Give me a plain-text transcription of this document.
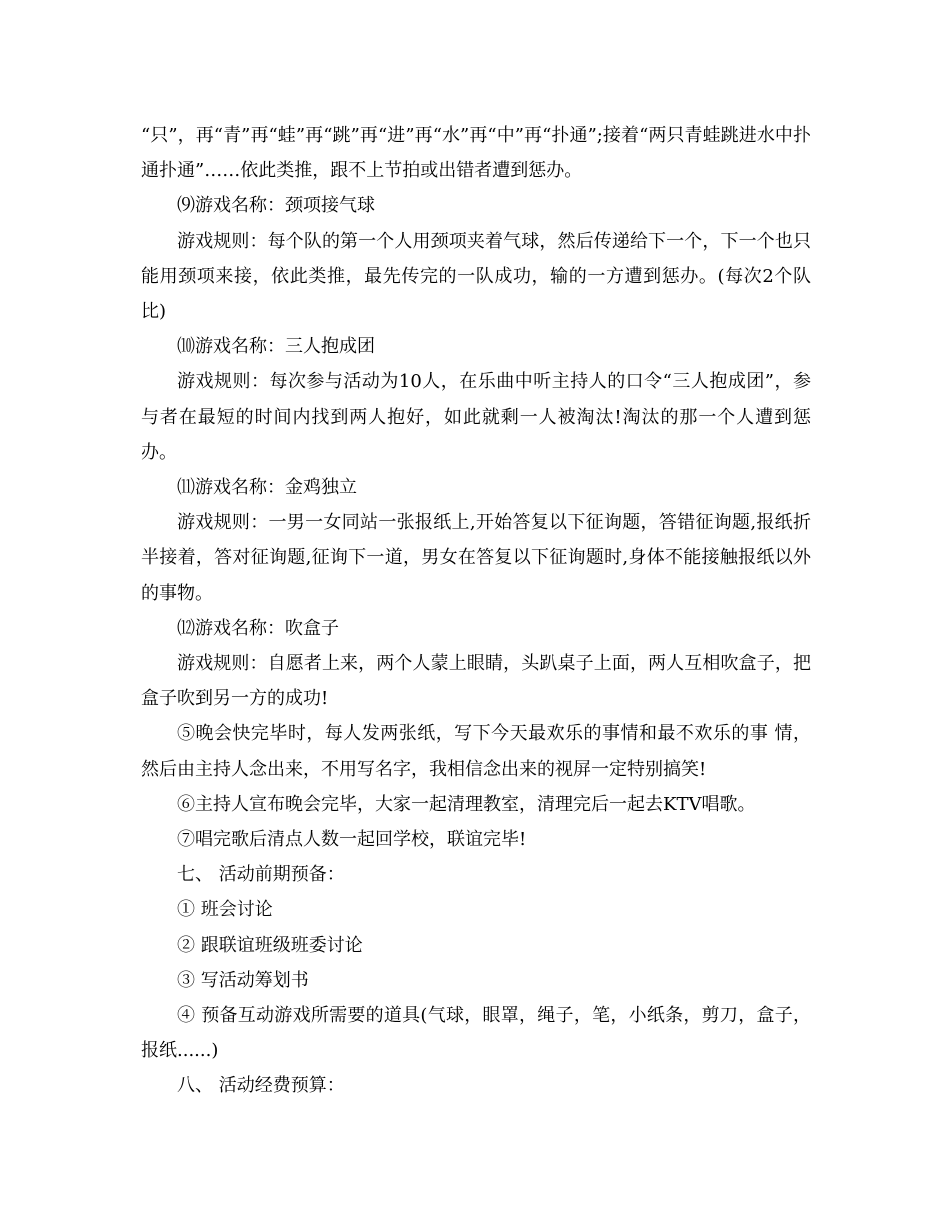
“只”，再“青”再“蛙”再“跳”再“进”再“水”再“中”再“扑通”;接着“两只青蛙跳进水中扑通扑通”……依此类推，跟不上节拍或出错者遭到惩办。

⑼游戏名称：颈项接气球

游戏规则：每个队的第一个人用颈项夹着气球，然后传递给下一个，下一个也只能用颈项来接，依此类推，最先传完的一队成功，输的一方遭到惩办。(每次2个队比)

⑽游戏名称：三人抱成团

游戏规则：每次参与活动为10人，在乐曲中听主持人的口令“三人抱成团”，参与者在最短的时间内找到两人抱好，如此就剩一人被淘汰!淘汰的那一个人遭到惩办。

⑾游戏名称：金鸡独立

游戏规则：一男一女同站一张报纸上,开始答复以下征询题，答错征询题,报纸折半接着，答对征询题,征询下一道，男女在答复以下征询题时,身体不能接触报纸以外的事物。

⑿游戏名称：吹盒子

游戏规则：自愿者上来，两个人蒙上眼睛，头趴桌子上面，两人互相吹盒子，把盒子吹到另一方的成功!

⑤晚会快完毕时，每人发两张纸，写下今天最欢乐的事情和最不欢乐的事 情，然后由主持人念出来，不用写名字，我相信念出来的视屏一定特别搞笑!

⑥主持人宣布晚会完毕，大家一起清理教室，清理完后一起去KTV唱歌。

⑦唱完歌后清点人数一起回学校，联谊完毕!

七、 活动前期预备：

① 班会讨论

② 跟联谊班级班委讨论

③ 写活动筹划书

④ 预备互动游戏所需要的道具(气球，眼罩，绳子，笔，小纸条，剪刀，盒子，报纸......)

八、 活动经费预算：
